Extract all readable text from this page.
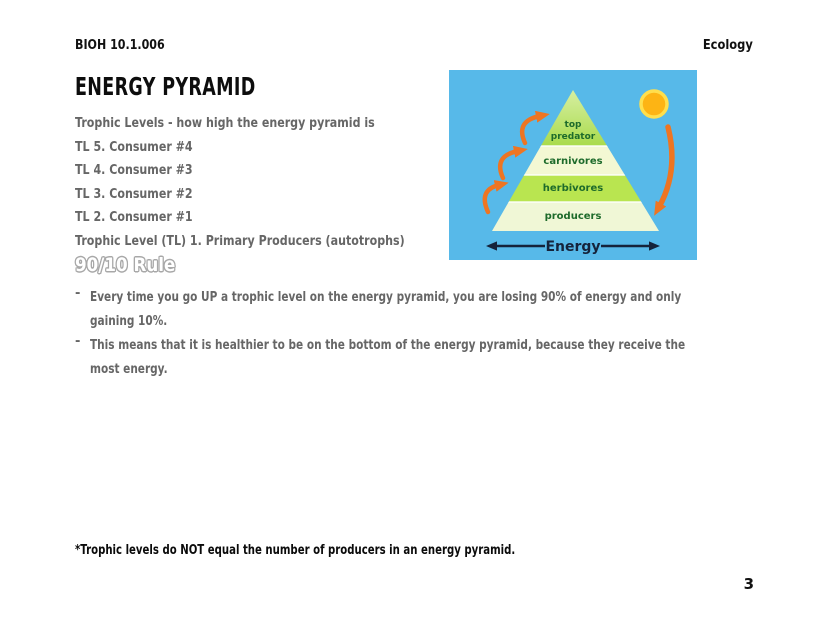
BIOH 10.1.006	Ecology
ENERGY PYRAMID
Trophic Levels - how high the energy pyramid is
TL 5. Consumer #4
TL 4. Consumer #3
TL 3. Consumer #2
TL 2. Consumer #1
Trophic Level (TL) 1. Primary Producers (autotrophs)
90/10 Rule
- Every time you go UP a trophic level on the energy pyramid, you are losing 90% of energy and only
gaining 10%.
- This means that it is healthier to be on the bottom of the energy pyramid, because they receive the
most energy.
top
predator
carnivores
herbivores
producers
Energy
*Trophic levels do NOT equal the number of producers in an energy pyramid.
3
